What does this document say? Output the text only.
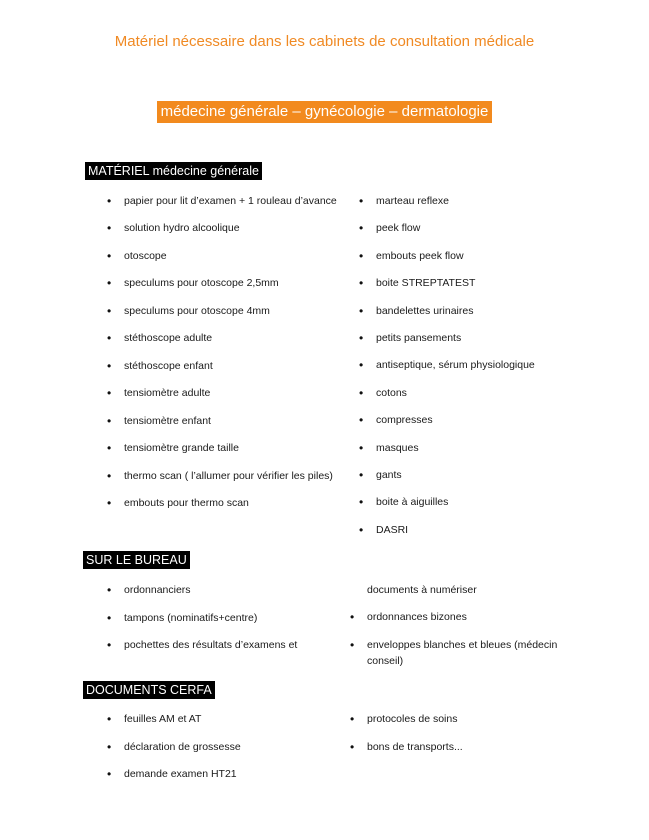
Matériel nécessaire dans les cabinets de consultation médicale
médecine générale – gynécologie – dermatologie
MATÉRIEL médecine générale
• papier pour lit d’examen + 1 rouleau d’avance
• solution hydro alcoolique
• otoscope
• speculums pour otoscope 2,5mm
• speculums pour otoscope 4mm
• stéthoscope adulte
• stéthoscope enfant
• tensiomètre adulte
• tensiomètre enfant
• tensiomètre grande taille
• thermo scan ( l’allumer pour vérifier les piles)
• embouts pour thermo scan
• marteau reflexe
• peek flow
• embouts peek flow
• boite STREPTATEST
• bandelettes urinaires
• petits pansements
• antiseptique, sérum physiologique
• cotons
• compresses
• masques
• gants
• boite à aiguilles
• DASRI
SUR LE BUREAU
• ordonnanciers
• tampons (nominatifs+centre)
• pochettes des résultats d’examens et
documents à numériser
• ordonnances bizones
• enveloppes blanches et bleues (médecin conseil)
DOCUMENTS CERFA
• feuilles AM et AT
• déclaration de grossesse
• demande examen HT21
• protocoles de soins
• bons de transports...
